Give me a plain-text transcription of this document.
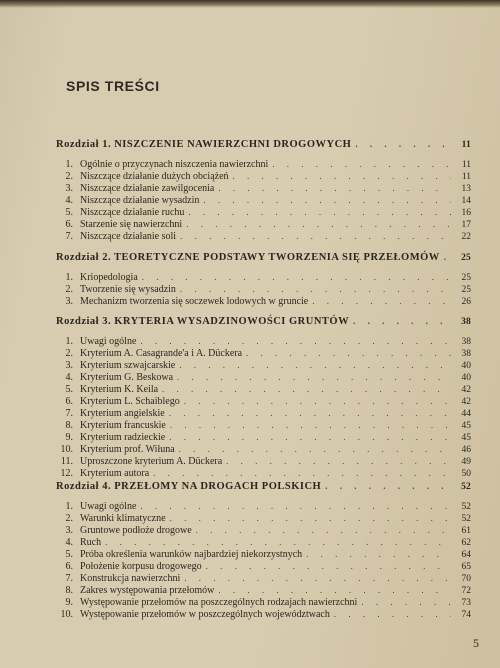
SPIS TREŚCI
Rozdział 1. NISZCZENIE NAWIERZCHNI DROGOWYCH . . .	11
1. Ogólnie o przyczynach niszczenia nawierzchni . . .	11
2. Niszczące działanie dużych obciążeń . . .	11
3. Niszczące działanie zawilgocenia . . .	13
4. Niszczące działanie wysadzin . . .	14
5. Niszczące działanie ruchu . . .	16
6. Starzenie się nawierzchni . . .	17
7. Niszczące działanie soli . . .	22
Rozdział 2. TEORETYCZNE PODSTAWY TWORZENIA SIĘ PRZEŁOMÓW . . .	25
1. Kriopedologia . . .	25
2. Tworzenie się wysadzin . . .	25
3. Mechanizm tworzenia się soczewek lodowych w gruncie . . .	26
Rozdział 3. KRYTERIA WYSADZINOWOŚCI GRUNTÓW . . .	38
1. Uwagi ogólne . . .	38
2. Kryterium A. Casagrande'a i A. Dückera . . .	38
3. Kryterium szwajcarskie . . .	40
4. Kryterium G. Beskowa . . .	40
5. Kryterium K. Keila . . .	42
6. Kryterium L. Schaiblego . . .	42
7. Kryterium angielskie . . .	44
8. Kryterium francuskie . . .	45
9. Kryterium radzieckie . . .	45
10. Kryterium prof. Wiłuna . . .	46
11. Uproszczone kryterium A. Dückera . . .	49
12. Kryterium autora . . .	50
Rozdział 4. PRZEŁOMY NA DROGACH POLSKICH . . .	52
1. Uwagi ogólne . . .	52
2. Warunki klimatyczne . . .	52
3. Gruntowe podłoże drogowe . . .	61
4. Ruch . . .	62
5. Próba określenia warunków najbardziej niekorzystnych . . .	64
6. Położenie korpusu drogowego . . .	65
7. Konstrukcja nawierzchni . . .	70
8. Zakres występowania przełomów . . .	72
9. Występowanie przełomów na poszczególnych rodzajach nawierzchni . . .	73
10. Występowanie przełomów w poszczególnych województwach . . .	74
5
